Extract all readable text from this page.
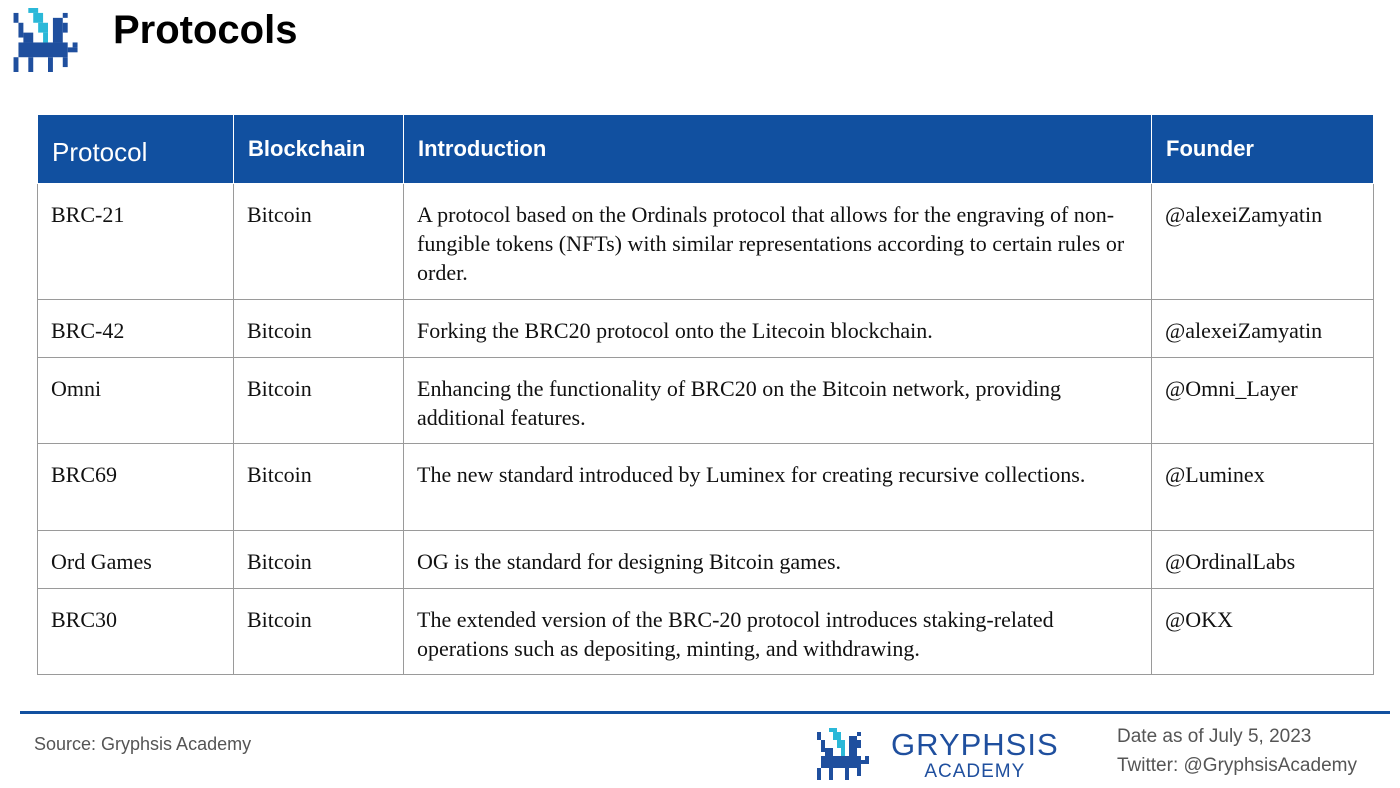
Protocols
Protocol	Blockchain	Introduction	Founder
BRC-21	Bitcoin	A protocol based on the Ordinals protocol that allows for the engraving of non-fungible tokens (NFTs) with similar representations according to certain rules or order.	@alexeiZamyatin
BRC-42	Bitcoin	Forking the BRC20 protocol onto the Litecoin blockchain.	@alexeiZamyatin
Omni	Bitcoin	Enhancing the functionality of BRC20 on the Bitcoin network, providing additional features.	@Omni_Layer
BRC69	Bitcoin	The new standard introduced by Luminex for creating recursive collections.	@Luminex
Ord Games	Bitcoin	OG is the standard for designing Bitcoin games.	@OrdinalLabs
BRC30	Bitcoin	The extended version of the BRC-20 protocol introduces staking-related operations such as depositing, minting, and withdrawing.	@OKX
Source: Gryphsis Academy	GRYPHSIS
ACADEMY
Date as of July 5, 2023
Twitter: @GryphsisAcademy
